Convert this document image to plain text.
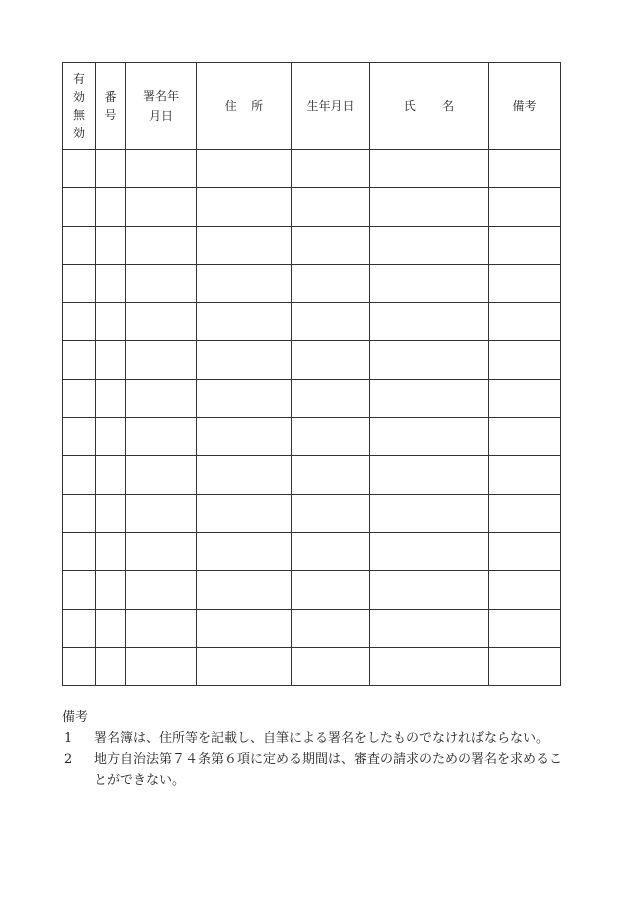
有効無効	番号	署名年月日	住所	生年月日	氏名	備考

備考

1	署名簿は、住所等を記載し、自筆による署名をしたものでなければならない。
2	地方自治法第７４条第６項に定める期間は、審査の請求のための署名を求めることができない。
